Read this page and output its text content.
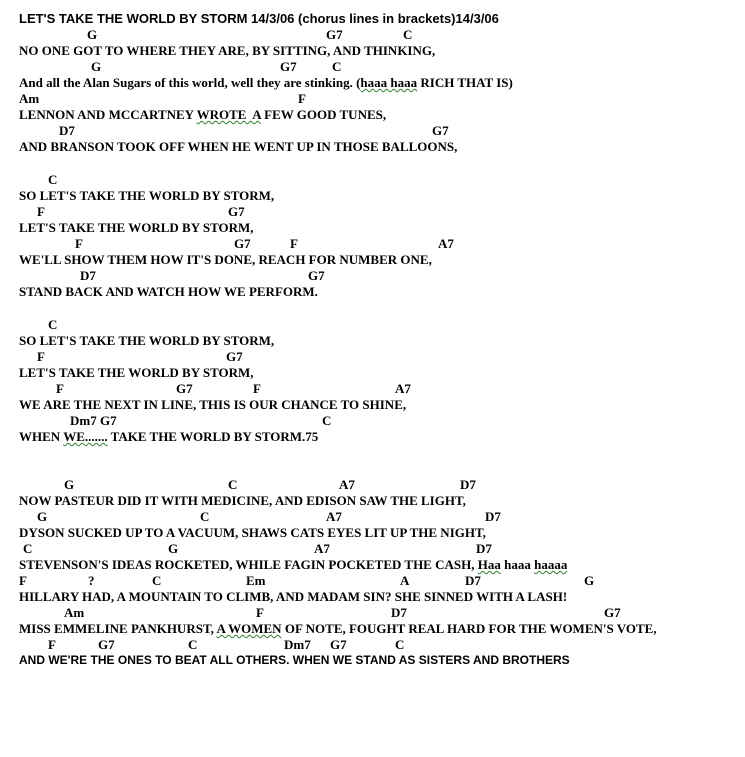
LET'S TAKE THE WORLD BY STORM 14/3/06 (chorus lines in brackets)14/3/06

G

	G7

	C

NO ONE GOT TO WHERE THEY ARE, BY SITTING, AND THINKING,

G

	G7

	C

And all the Alan Sugars of this world, well they are stinking. (haaa haaa RICH THAT IS)

Am

	F

LENNON AND MCCARTNEY WROTE  A FEW GOOD TUNES,

D7

	G7

AND BRANSON TOOK OFF WHEN HE WENT UP IN THOSE BALLOONS,

C

SO LET'S TAKE THE WORLD BY STORM,

F

	G7

LET'S TAKE THE WORLD BY STORM,

F

	G7

	F

	A7

WE'LL SHOW THEM HOW IT'S DONE, REACH FOR NUMBER ONE,

D7

	G7

STAND BACK AND WATCH HOW WE PERFORM.

C

SO LET'S TAKE THE WORLD BY STORM,

F

	G7

LET'S TAKE THE WORLD BY STORM,

F

	G7

	F

	A7

WE ARE THE NEXT IN LINE, THIS IS OUR CHANCE TO SHINE,

Dm7 G7

	C

WHEN WE....... TAKE THE WORLD BY STORM.75

G

	C

	A7

	D7

NOW PASTEUR DID IT WITH MEDICINE, AND EDISON SAW THE LIGHT,

G

	C

	A7

	D7

DYSON SUCKED UP TO A VACUUM, SHAWS CATS EYES LIT UP THE NIGHT,

C

	G

	A7

	D7

STEVENSON'S IDEAS ROCKETED, WHILE FAGIN POCKETED THE CASH, Haa haaa haaaa

F

	?

	C

	Em

	A

	D7

	G

HILLARY HAD, A MOUNTAIN TO CLIMB, AND MADAM SIN? SHE SINNED WITH A LASH!

Am

	F

	D7

	G7

MISS EMMELINE PANKHURST, A WOMEN OF NOTE, FOUGHT REAL HARD FOR THE WOMEN'S VOTE,

F

	G7

	C

	Dm7

G7

	C

AND WE'RE THE ONES TO BEAT ALL OTHERS. WHEN WE STAND AS SISTERS AND BROTHERS
